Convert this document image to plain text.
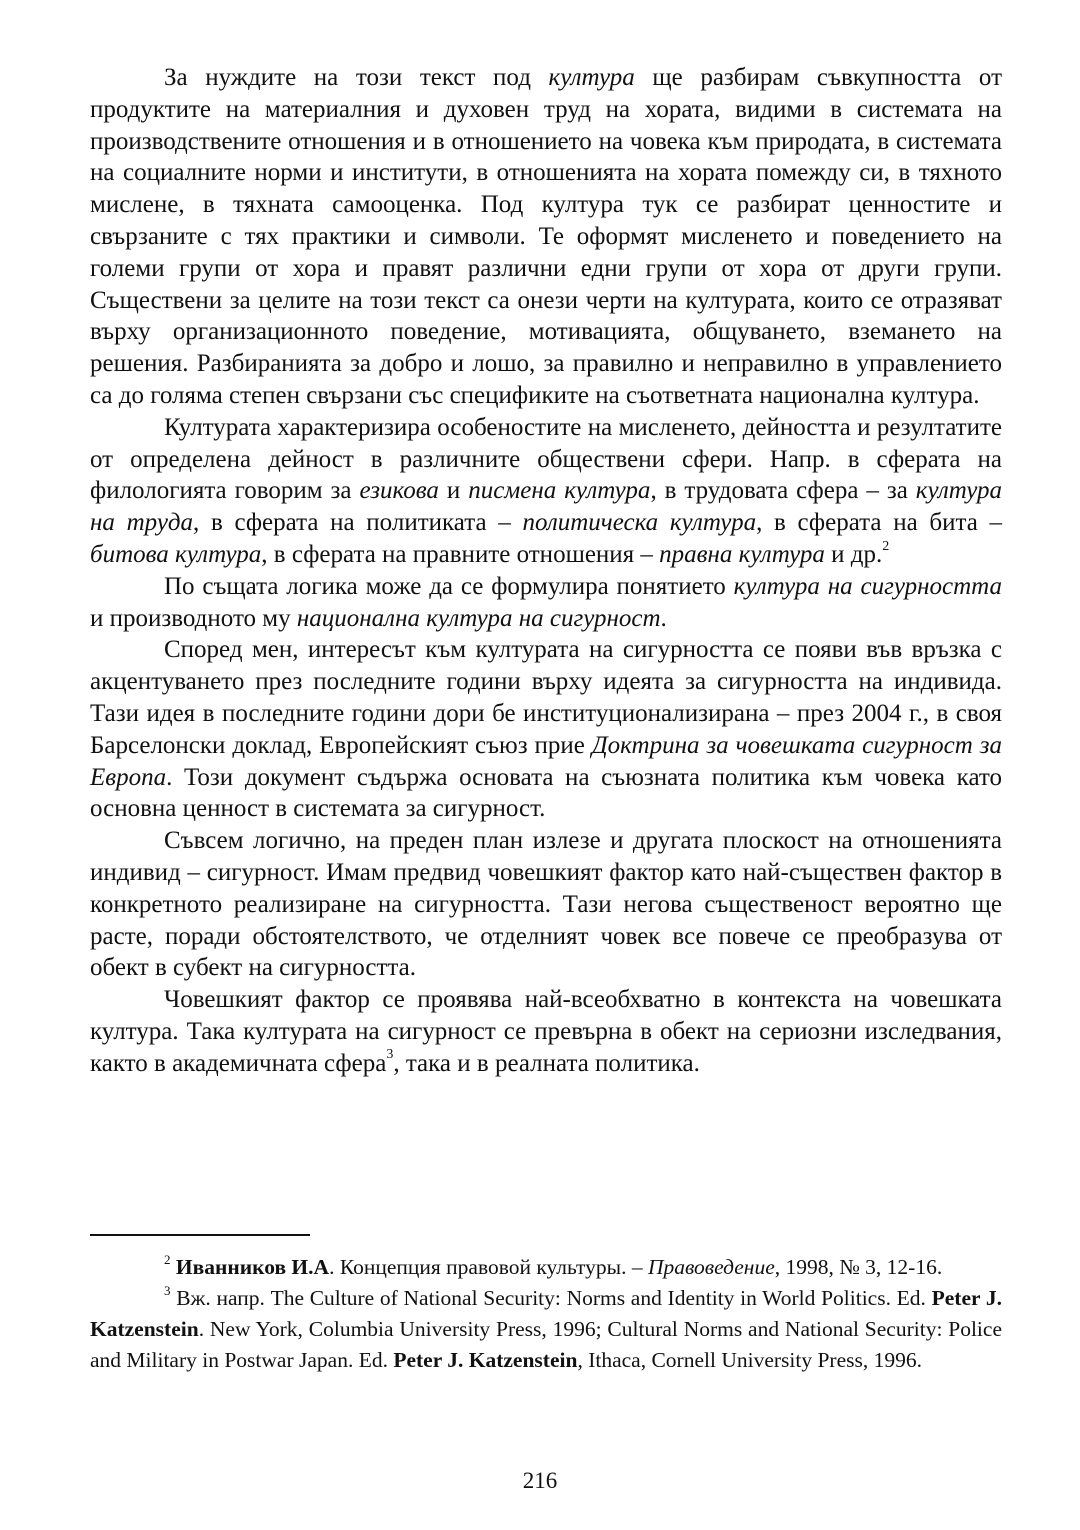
За нуждите на този текст под култура ще разбирам съвкупността от продуктите на материалния и духовен труд на хората, видими в системата на производствените отношения и в отношението на човека към природата, в системата на социалните норми и институти, в отношенията на хората помежду си, в тяхното мислене, в тяхната самооценка. Под култура тук се разбират ценностите и свързаните с тях практики и символи. Те оформят мисленето и поведението на големи групи от хора и правят различни едни групи от хора от други групи. Съществени за целите на този текст са онези черти на културата, които се отразяват върху организационното поведение, мотивацията, общуването, вземането на решения. Разбиранията за добро и лошо, за правилно и неправилно в управлението са до голяма степен свързани със спецификите на съответната национална култура.

Културата характеризира особеностите на мисленето, дейността и резултатите от определена дейност в различните обществени сфери. Напр. в сферата на филологията говорим за езикова и писмена култура, в трудовата сфера – за култура на труда, в сферата на политиката – политическа култура, в сферата на бита – битова култура, в сферата на правните отношения – правна култура и др.$^2$

По същата логика може да се формулира понятието култура на сигурността и производното му национална култура на сигурност.

Според мен, интересът към културата на сигурността се появи във връзка с акцентуването през последните години върху идеята за сигурността на индивида. Тази идея в последните години дори бе институционализирана – през 2004 г., в своя Барселонски доклад, Европейският съюз прие Доктрина за човешката сигурност за Европа. Този документ съдържа основата на съюзната политика към човека като основна ценност в системата за сигурност.

Съвсем логично, на преден план излезе и другата плоскост на отношенията индивид – сигурност. Имам предвид човешкият фактор като най-съществен фактор в конкретното реализиране на сигурността. Тази негова същественост вероятно ще расте, поради обстоятелството, че отделният човек все повече се преобразува от обект в субект на сигурността.

Човешкият фактор се проявява най-всеобхватно в контекста на човешката култура. Така културата на сигурност се превърна в обект на сериозни изследвания, както в академичната сфера$^3$, така и в реалната политика.

$^2$ Иванников И.А. Концепция правовой культуры. – Правоведение, 1998, № 3, 12-16.

$^3$ Вж. напр. The Culture of National Security: Norms and Identity in World Politics. Ed. Peter J. Katzenstein. New York, Columbia University Press, 1996; Cultural Norms and National Security: Police and Military in Postwar Japan. Ed. Peter J. Katzenstein, Ithaca, Cornell University Press, 1996.

216
